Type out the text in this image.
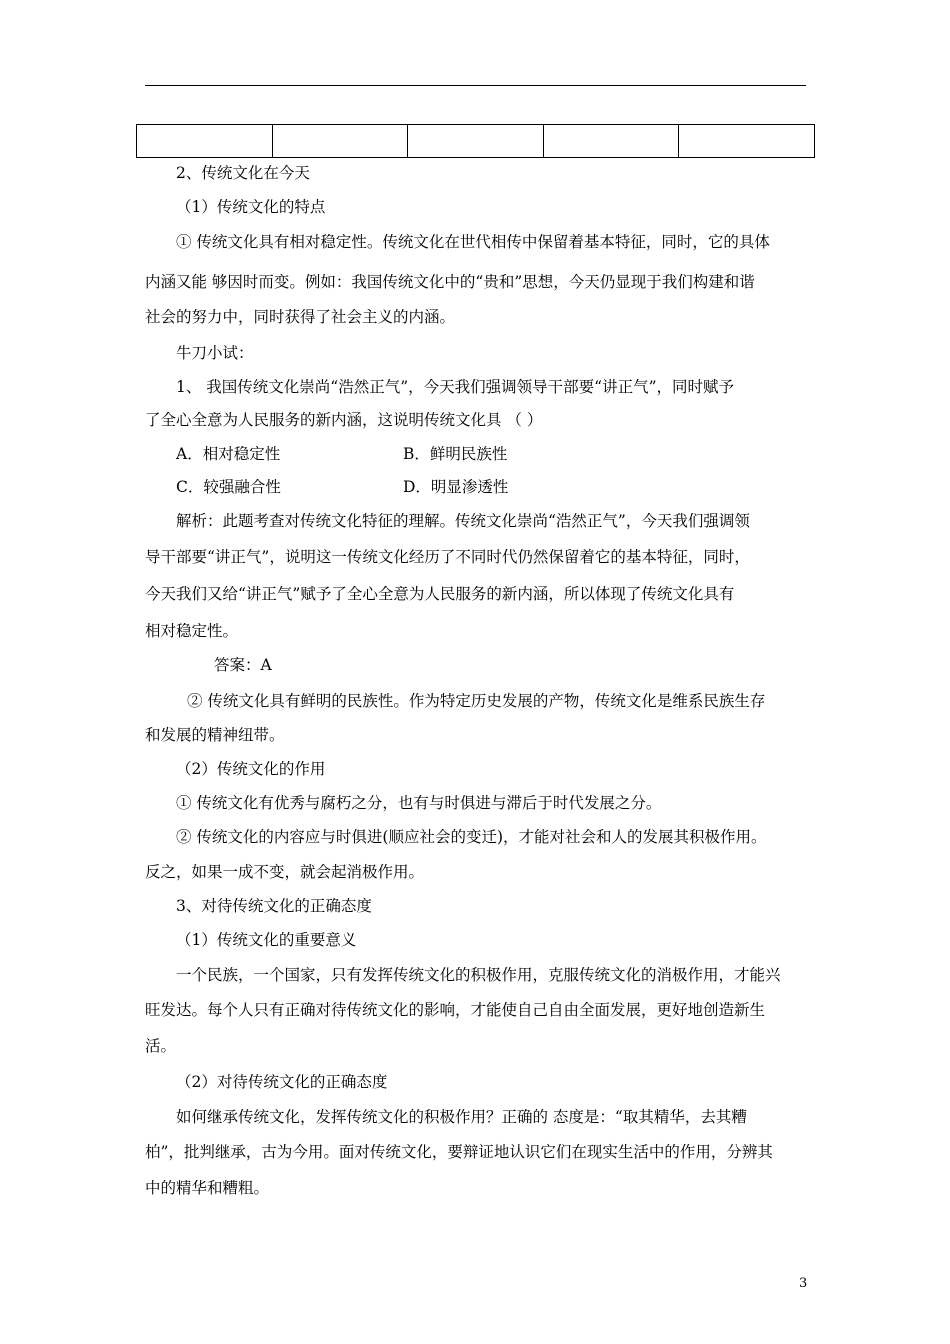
2、传统文化在今天
（1）传统文化的特点
① 传统文化具有相对稳定性。传统文化在世代相传中保留着基本特征，同时，它的具体
内涵又能 够因时而变。例如：我国传统文化中的“贵和”思想，今天仍显现于我们构建和谐
社会的努力中，同时获得了社会主义的内涵。
牛刀小试：
1、 我国传统文化崇尚“浩然正气”，今天我们强调领导干部要“讲正气”，同时赋予
了全心全意为人民服务的新内涵，这说明传统文化具 （ ）
A．相对稳定性	B．鲜明民族性
C．较强融合性	D．明显渗透性
解析：此题考查对传统文化特征的理解。传统文化崇尚“浩然正气”，今天我们强调领
导干部要“讲正气”，说明这一传统文化经历了不同时代仍然保留着它的基本特征，同时，
今天我们又给“讲正气”赋予了全心全意为人民服务的新内涵，所以体现了传统文化具有
相对稳定性。
答案：A
② 传统文化具有鲜明的民族性。作为特定历史发展的产物，传统文化是维系民族生存
和发展的精神纽带。
（2）传统文化的作用
① 传统文化有优秀与腐朽之分，也有与时俱进与滞后于时代发展之分。
② 传统文化的内容应与时俱进(顺应社会的变迁)，才能对社会和人的发展其积极作用。
反之，如果一成不变，就会起消极作用。
3、对待传统文化的正确态度
（1）传统文化的重要意义
一个民族，一个国家，只有发挥传统文化的积极作用，克服传统文化的消极作用，才能兴
旺发达。每个人只有正确对待传统文化的影响，才能使自己自由全面发展，更好地创造新生
活。
（2）对待传统文化的正确态度
如何继承传统文化，发挥传统文化的积极作用？正确的 态度是：“取其精华，去其糟
柏”，批判继承，古为今用。面对传统文化，要辩证地认识它们在现实生活中的作用，分辨其
中的精华和糟粗。
3
